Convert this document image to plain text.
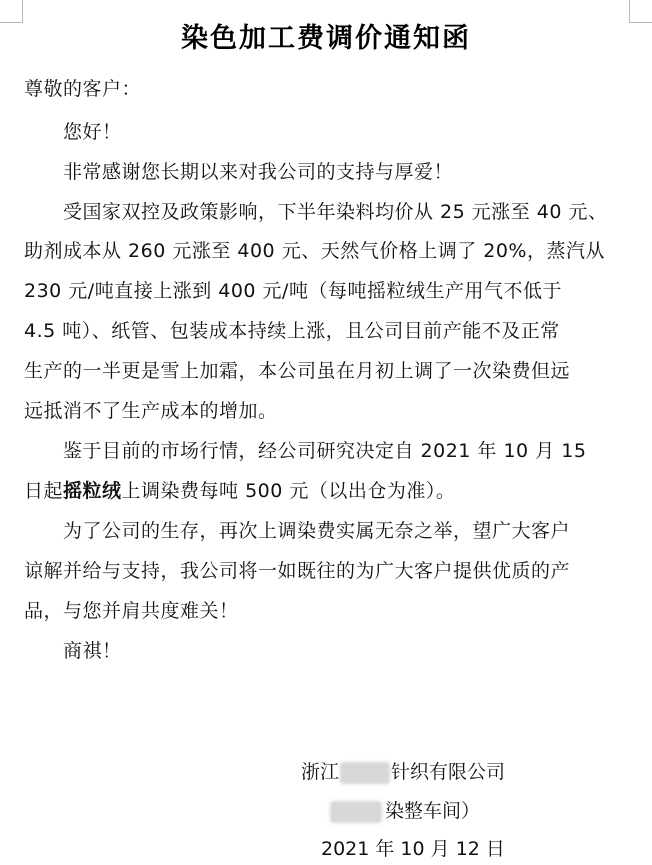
染色加工费调价通知函
尊敬的客户：
您好！
非常感谢您长期以来对我公司的支持与厚爱！
受国家双控及政策影响，下半年染料均价从 25 元涨至 40 元、
助剂成本从 260 元涨至 400 元、天然气价格上调了 20%，蒸汽从
230 元/吨直接上涨到 400 元/吨（每吨摇粒绒生产用气不低于
4.5 吨）、纸管、包装成本持续上涨，且公司目前产能不及正常
生产的一半更是雪上加霜，本公司虽在月初上调了一次染费但远
远抵消不了生产成本的增加。
鉴于目前的市场行情，经公司研究决定自 2021 年 10 月 15
日起摇粒绒上调染费每吨 500 元（以出仓为准）。
为了公司的生存，再次上调染费实属无奈之举，望广大客户
谅解并给与支持，我公司将一如既往的为广大客户提供优质的产
品，与您并肩共度难关！
商祺！
浙江	针织有限公司
染整车间）
2021 年 10 月 12 日
